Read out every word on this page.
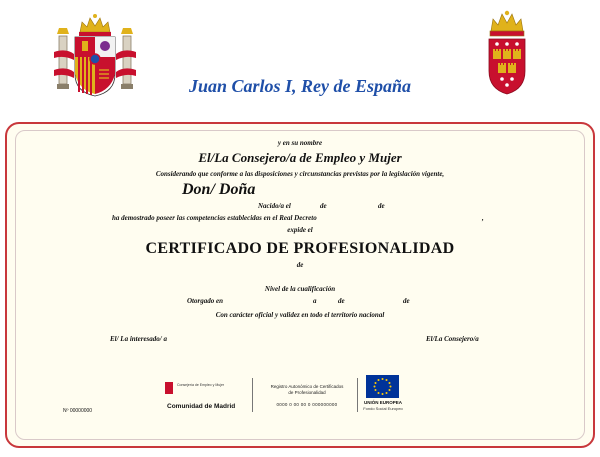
Juan Carlos I, Rey de España
y en su nombre
El/La Consejero/a de Empleo y Mujer
Considerando que conforme a las disposiciones y circunstancias previstas por la legislación vigente,
Don/ Doña
Nacido/a el	de	de
ha demostrado poseer las competencias establecidas en el Real Decreto	,
expide el
CERTIFICADO DE PROFESIONALIDAD
de
Nivel de la cualificación
Otorgado en	a	de	de
Con carácter oficial y validez en todo el territorio nacional
El/ La interesado/ a	El/La Consejero/a
Nº 00000000
Consejería de Empleo y Mujer
Comunidad de Madrid
Registro Autonómico de Certificados
de Profesionalidad
0000 0 00 00 0 000000000	UNIÓN EUROPEA
Fondo Social Europeo
